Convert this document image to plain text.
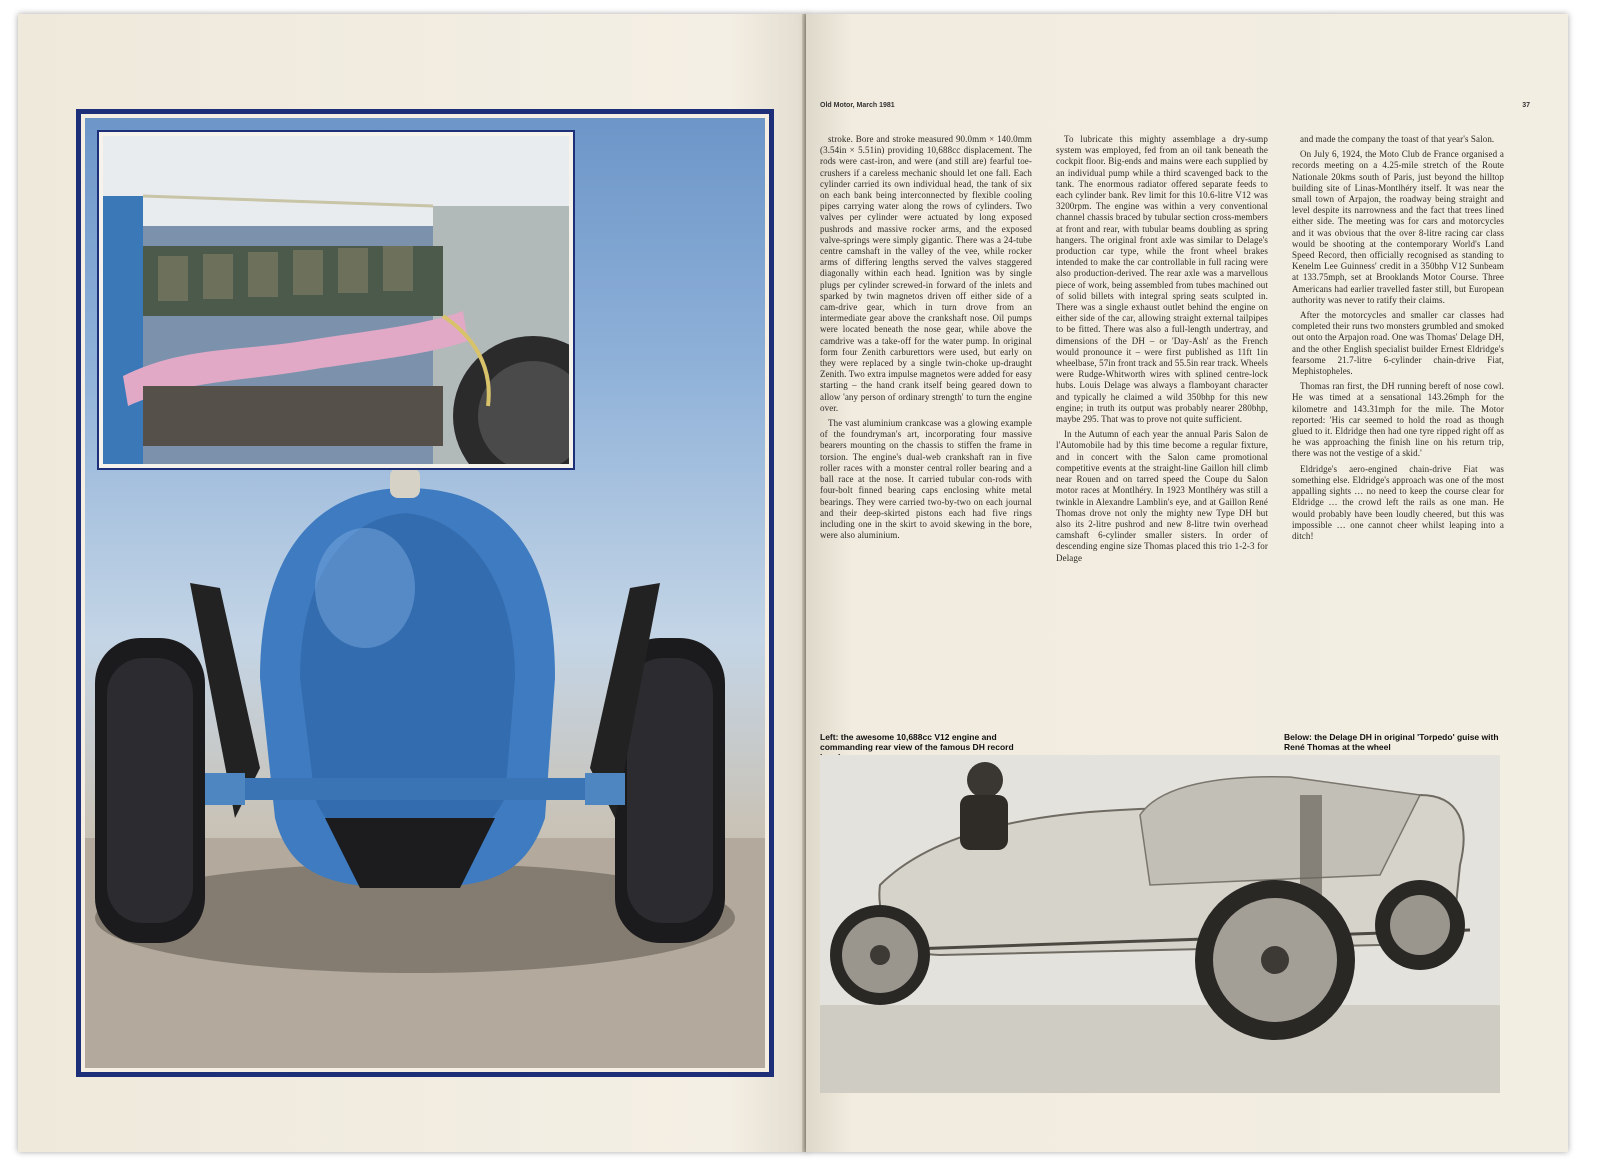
Old Motor, March 1981	37

stroke. Bore and stroke measured 90.0mm × 140.0mm (3.54in × 5.51in) providing 10,688cc displacement. The rods were cast-iron, and were (and still are) fearful toe-crushers if a careless mechanic should let one fall. Each cylinder carried its own individual head, the tank of six on each bank being interconnected by flexible cooling pipes carrying water along the rows of cylinders. Two valves per cylinder were actuated by long exposed pushrods and massive rocker arms, and the exposed valve-springs were simply gigantic. There was a 24-tube centre camshaft in the valley of the vee, while rocker arms of differing lengths served the valves staggered diagonally within each head. Ignition was by single plugs per cylinder screwed-in forward of the inlets and sparked by twin magnetos driven off either side of a cam-drive gear, which in turn drove from an intermediate gear above the crankshaft nose. Oil pumps were located beneath the nose gear, while above the camdrive was a take-off for the water pump. In original form four Zenith carburettors were used, but early on they were replaced by a single twin-choke up-draught Zenith. Two extra impulse magnetos were added for easy starting – the hand crank itself being geared down to allow 'any person of ordinary strength' to turn the engine over.

The vast aluminium crankcase was a glowing example of the foundryman's art, incorporating four massive bearers mounting on the chassis to stiffen the frame in torsion. The engine's dual-web crankshaft ran in five roller races with a monster central roller bearing and a ball race at the nose. It carried tubular con-rods with four-bolt finned bearing caps enclosing white metal bearings. They were carried two-by-two on each journal and their deep-skirted pistons each had five rings including one in the skirt to avoid skewing in the bore, were also aluminium.

To lubricate this mighty assemblage a dry-sump system was employed, fed from an oil tank beneath the cockpit floor. Big-ends and mains were each supplied by an individual pump while a third scavenged back to the tank. The enormous radiator offered separate feeds to each cylinder bank. Rev limit for this 10.6-litre V12 was 3200rpm. The engine was within a very conventional channel chassis braced by tubular section cross-members at front and rear, with tubular beams doubling as spring hangers. The original front axle was similar to Delage's production car type, while the front wheel brakes intended to make the car controllable in full racing were also production-derived. The rear axle was a marvellous piece of work, being assembled from tubes machined out of solid billets with integral spring seats sculpted in. There was a single exhaust outlet behind the engine on either side of the car, allowing straight external tailpipes to be fitted. There was also a full-length undertray, and dimensions of the DH – or 'Day-Ash' as the French would pronounce it – were first published as 11ft 1in wheelbase, 57in front track and 55.5in rear track. Wheels were Rudge-Whitworth wires with splined centre-lock hubs. Louis Delage was always a flamboyant character and typically he claimed a wild 350bhp for this new engine; in truth its output was probably nearer 280bhp, maybe 295. That was to prove not quite sufficient.

In the Autumn of each year the annual Paris Salon de l'Automobile had by this time become a regular fixture, and in concert with the Salon came promotional competitive events at the straight-line Gaillon hill climb near Rouen and on tarred speed the Coupe du Salon motor races at Montlhéry. In 1923 Montlhéry was still a twinkle in Alexandre Lamblin's eye, and at Gaillon René Thomas drove not only the mighty new Type DH but also its 2-litre pushrod and new 8-litre twin overhead camshaft 6-cylinder smaller sisters. In order of descending engine size Thomas placed this trio 1-2-3 for Delage

and made the company the toast of that year's Salon.

On July 6, 1924, the Moto Club de France organised a records meeting on a 4.25-mile stretch of the Route Nationale 20kms south of Paris, just beyond the hilltop building site of Linas-Montlhéry itself. It was near the small town of Arpajon, the roadway being straight and level despite its narrowness and the fact that trees lined either side. The meeting was for cars and motorcycles and it was obvious that the over 8-litre racing car class would be shooting at the contemporary World's Land Speed Record, then officially recognised as standing to Kenelm Lee Guinness' credit in a 350bhp V12 Sunbeam at 133.75mph, set at Brooklands Motor Course. Three Americans had earlier travelled faster still, but European authority was never to ratify their claims.

After the motorcycles and smaller car classes had completed their runs two monsters grumbled and smoked out onto the Arpajon road. One was Thomas' Delage DH, and the other English specialist builder Ernest Eldridge's fearsome 21.7-litre 6-cylinder chain-drive Fiat, Mephistopheles.

Thomas ran first, the DH running bereft of nose cowl. He was timed at a sensational 143.26mph for the kilometre and 143.31mph for the mile. The Motor reported: 'His car seemed to hold the road as though glued to it. Eldridge then had one tyre ripped right off as he was approaching the finish line on his return trip, there was not the vestige of a skid.'

Eldridge's aero-engined chain-drive Fiat was something else. Eldridge's approach was one of the most appalling sights … no need to keep the course clear for Eldridge … the crowd left the rails as one man. He would probably have been loudly cheered, but this was impossible … one cannot cheer whilst leaping into a ditch!

Left: the awesome 10,688cc V12 engine and commanding rear view of the famous DH record
Below: the Delage DH in original 'Torpedo' guise with René Thomas at the wheel
